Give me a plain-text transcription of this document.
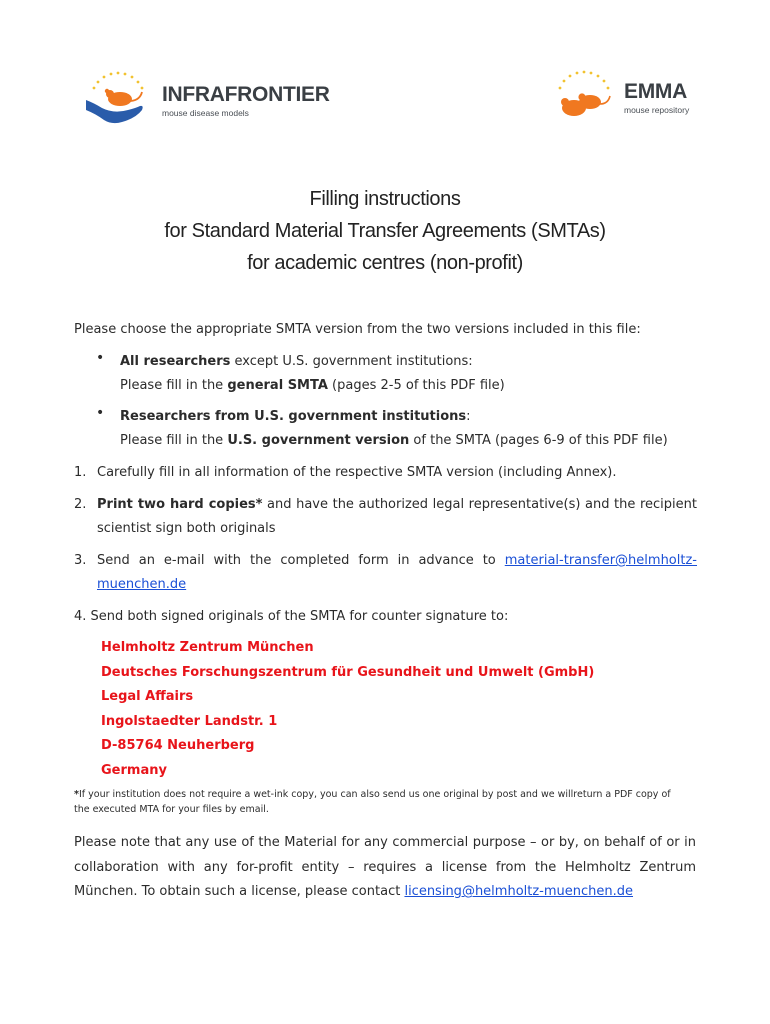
INFRAFRONTIER
mouse disease models
EMMA
mouse repository
Filling instructions
for Standard Material Transfer Agreements (SMTAs)
for academic centres (non-profit)
Please choose the appropriate SMTA version from the two versions included in this file:
• All researchers except U.S. government institutions:
Please fill in the general SMTA (pages 2-5 of this PDF file)
• Researchers from U.S. government institutions:
Please fill in the U.S. government version of the SMTA (pages 6-9 of this PDF file)
1. Carefully fill in all information of the respective SMTA version (including Annex).
2. Print two hard copies* and have the authorized legal representative(s) and the recipient scientist sign both originals
3. Send an e-mail with the completed form in advance to material-transfer@helmholtz-muenchen.de
4. Send both signed originals of the SMTA for counter signature to:
Helmholtz Zentrum München
Deutsches Forschungszentrum für Gesundheit und Umwelt (GmbH)
Legal Affairs
Ingolstaedter Landstr. 1
D-85764 Neuherberg
Germany
*If your institution does not require a wet-ink copy, you can also send us one original by post and we willreturn a PDF copy of the executed MTA for your files by email.
Please note that any use of the Material for any commercial purpose – or by, on behalf of or in collaboration with any for-profit entity – requires a license from the Helmholtz Zentrum München. To obtain such a license, please contact licensing@helmholtz-muenchen.de
